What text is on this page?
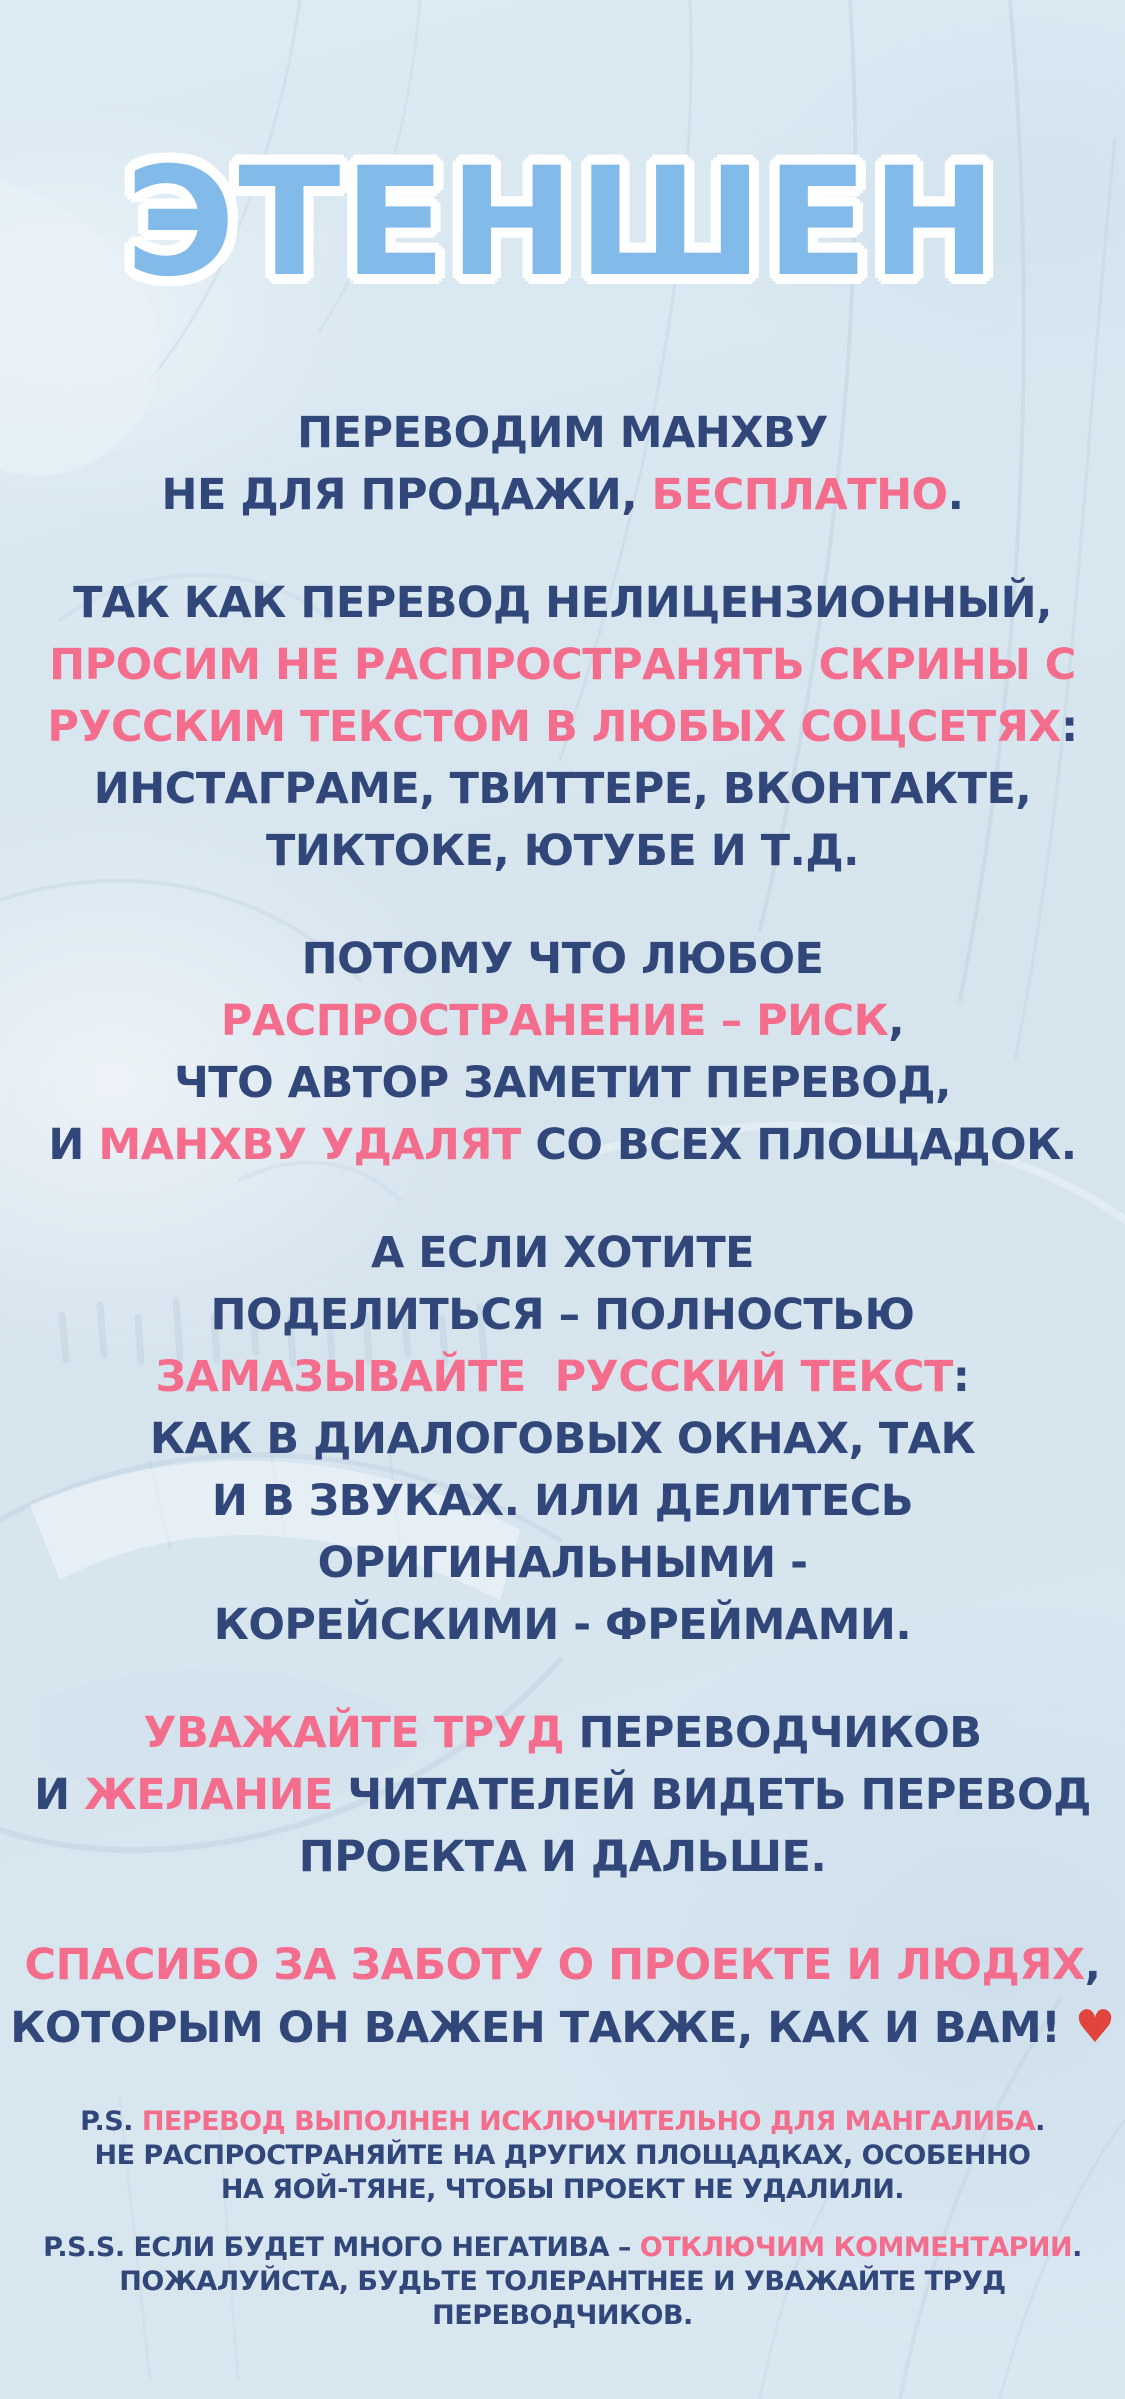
ЭТЕНШЕН
ПЕРЕВОДИМ МАНХВУ
НЕ ДЛЯ ПРОДАЖИ, БЕСПЛАТНО.
ТАК КАК ПЕРЕВОД НЕЛИЦЕНЗИОННЫЙ,
ПРОСИМ НЕ РАСПРОСТРАНЯТЬ СКРИНЫ С
РУССКИМ ТЕКСТОМ В ЛЮБЫХ СОЦСЕТЯХ:
ИНСТАГРАМЕ, ТВИТТЕРЕ, ВКОНТАКТЕ,
ТИКТОКЕ, ЮТУБЕ И Т.Д.
ПОТОМУ ЧТО ЛЮБОЕ
РАСПРОСТРАНЕНИЕ – РИСК,
ЧТО АВТОР ЗАМЕТИТ ПЕРЕВОД,
И МАНХВУ УДАЛЯТ СО ВСЕХ ПЛОЩАДОК.
А ЕСЛИ ХОТИТЕ
ПОДЕЛИТЬСЯ – ПОЛНОСТЬЮ
ЗАМАЗЫВАЙТЕ  РУССКИЙ ТЕКСТ:
КАК В ДИАЛОГОВЫХ ОКНАХ, ТАК
И В ЗВУКАХ. ИЛИ ДЕЛИТЕСЬ
ОРИГИНАЛЬНЫМИ -
КОРЕЙСКИМИ - ФРЕЙМАМИ.
УВАЖАЙТЕ ТРУД ПЕРЕВОДЧИКОВ
И ЖЕЛАНИЕ ЧИТАТЕЛЕЙ ВИДЕТЬ ПЕРЕВОД
ПРОЕКТА И ДАЛЬШЕ.
СПАСИБО ЗА ЗАБОТУ О ПРОЕКТЕ И ЛЮДЯХ,
КОТОРЫМ ОН ВАЖЕН ТАКЖЕ, КАК И ВАМ! ♥
P.S. ПЕРЕВОД ВЫПОЛНЕН ИСКЛЮЧИТЕЛЬНО ДЛЯ МАНГАЛИБА.
НЕ РАСПРОСТРАНЯЙТЕ НА ДРУГИХ ПЛОЩАДКАХ, ОСОБЕННО
НА ЯОЙ-ТЯНЕ, ЧТОБЫ ПРОЕКТ НЕ УДАЛИЛИ.
P.S.S. ЕСЛИ БУДЕТ МНОГО НЕГАТИВА – ОТКЛЮЧИМ КОММЕНТАРИИ.
ПОЖАЛУЙСТА, БУДЬТЕ ТОЛЕРАНТНЕЕ И УВАЖАЙТЕ ТРУД ПЕРЕВОДЧИКОВ.
